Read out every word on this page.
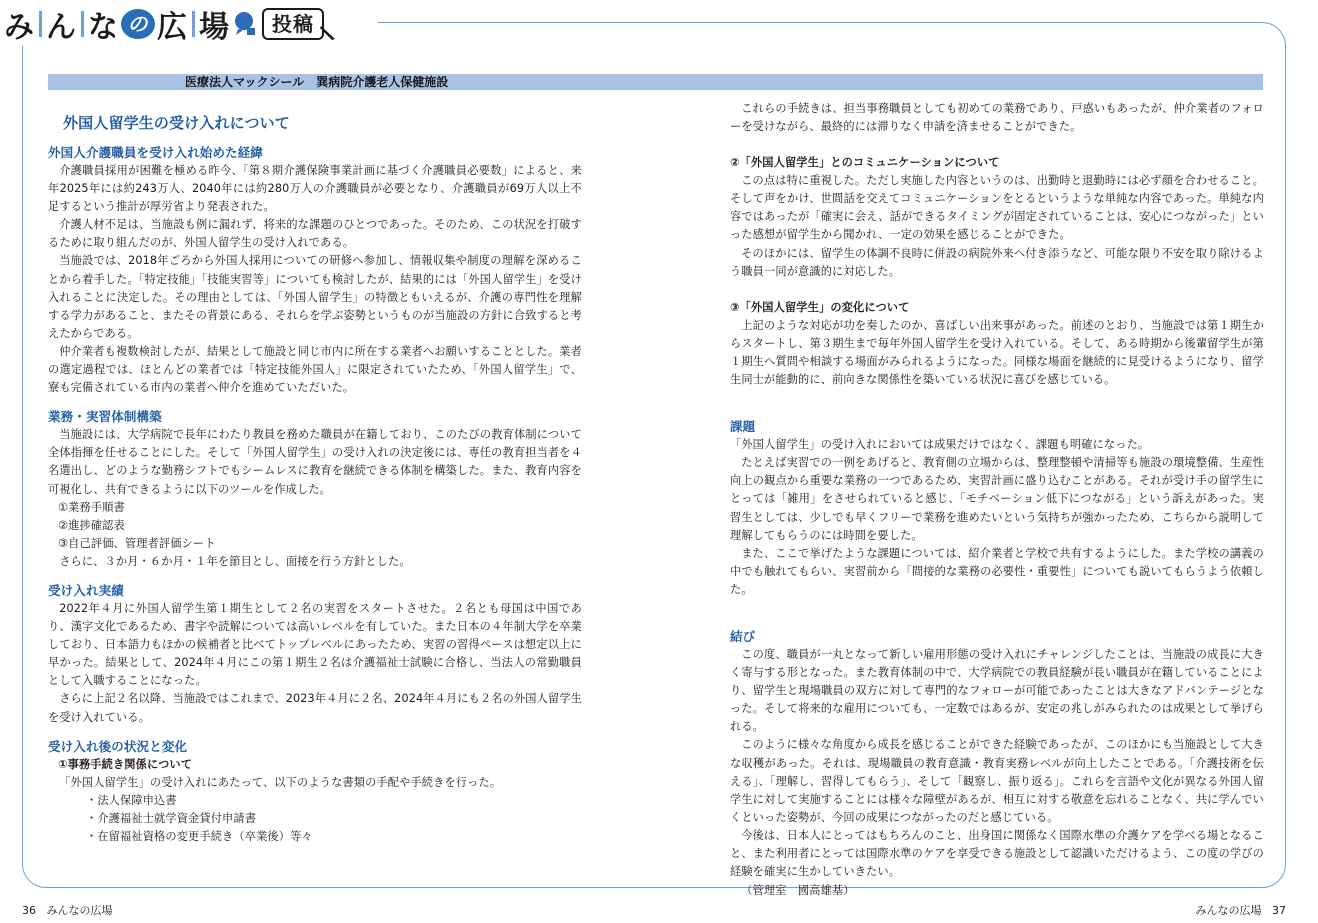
み ん な の 広 場	投稿
医療法人マックシール　巽病院介護老人保健施設

外国人留学生の受け入れについて

外国人介護職員を受け入れ始めた経緯

介護職員採用が困難を極める昨今、「第８期介護保険事業計画に基づく介護職員必要数」によると、来年2025年には約243万人、2040年には約280万人の介護職員が必要となり、介護職員が69万人以上不足するという推計が厚労省より発表された。

介護人材不足は、当施設も例に漏れず、将来的な課題のひとつであった。そのため、この状況を打破するために取り組んだのが、外国人留学生の受け入れである。

当施設では、2018年ごろから外国人採用についての研修へ参加し、情報収集や制度の理解を深めることから着手した。「特定技能」「技能実習等」についても検討したが、結果的には「外国人留学生」を受け入れることに決定した。その理由としては、「外国人留学生」の特徴ともいえるが、介護の専門性を理解する学力があること、またその背景にある、それらを学ぶ姿勢というものが当施設の方針に合致すると考えたからである。

仲介業者も複数検討したが、結果として施設と同じ市内に所在する業者へお願いすることとした。業者の選定過程では、ほとんどの業者では「特定技能外国人」に限定されていたため、「外国人留学生」で、寮も完備されている市内の業者へ仲介を進めていただいた。

業務・実習体制構築

当施設には、大学病院で長年にわたり教員を務めた職員が在籍しており、このたびの教育体制について全体指揮を任せることにした。そして「外国人留学生」の受け入れの決定後には、専任の教育担当者を４名選出し、どのような勤務シフトでもシームレスに教育を継続できる体制を構築した。また、教育内容を可視化し、共有できるように以下のツールを作成した。

①業務手順書

②進捗確認表

③自己評価、管理者評価シート

さらに、３か月・６か月・１年を節目とし、面接を行う方針とした。

受け入れ実績

2022年４月に外国人留学生第１期生として２名の実習をスタートさせた。２名とも母国は中国であり、漢字文化であるため、書字や読解については高いレベルを有していた。また日本の４年制大学を卒業しており、日本語力もほかの候補者と比べてトップレベルにあったため、実習の習得ペースは想定以上に早かった。結果として、2024年４月にこの第１期生２名は介護福祉士試験に合格し、当法人の常勤職員として入職することになった。

さらに上記２名以降、当施設ではこれまで、2023年４月に２名、2024年４月にも２名の外国人留学生を受け入れている。

受け入れ後の状況と変化
①事務手続き関係について

「外国人留学生」の受け入れにあたって、以下のような書類の手配や手続きを行った。

・法人保障申込書

・介護福祉士就学資金貸付申請書

・在留福祉資格の変更手続き（卒業後）等々

これらの手続きは、担当事務職員としても初めての業務であり、戸惑いもあったが、仲介業者のフォローを受けながら、最終的には滞りなく申請を済ませることができた。

②「外国人留学生」とのコミュニケーションについて

この点は特に重視した。ただし実施した内容というのは、出勤時と退勤時には必ず顔を合わせること。そして声をかけ、世間話を交えてコミュニケーションをとるというような単純な内容であった。単純な内容ではあったが「確実に会え、話ができるタイミングが固定されていることは、安心につながった」といった感想が留学生から聞かれ、一定の効果を感じることができた。

そのほかには、留学生の体調不良時に併設の病院外来へ付き添うなど、可能な限り不安を取り除けるよう職員一同が意識的に対応した。

③「外国人留学生」の変化について

上記のような対応が功を奏したのか、喜ばしい出来事があった。前述のとおり、当施設では第１期生からスタートし、第３期生まで毎年外国人留学生を受け入れている。そして、ある時期から後輩留学生が第１期生へ質問や相談する場面がみられるようになった。同様な場面を継続的に見受けるようになり、留学生同士が能動的に、前向きな関係性を築いている状況に喜びを感じている。

課題

「外国人留学生」の受け入れにおいては成果だけではなく、課題も明確になった。

たとえば実習での一例をあげると、教育側の立場からは、整理整頓や清掃等も施設の環境整備、生産性向上の観点から重要な業務の一つであるため、実習計画に盛り込むことがある。それが受け手の留学生にとっては「雑用」をさせられていると感じ、「モチベーション低下につながる」という訴えがあった。実習生としては、少しでも早くフリーで業務を進めたいという気持ちが強かったため、こちらから説明して理解してもらうのには時間を要した。

また、ここで挙げたような課題については、紹介業者と学校で共有するようにした。また学校の講義の中でも触れてもらい、実習前から「間接的な業務の必要性・重要性」についても説いてもらうよう依頼した。

結び

この度、職員が一丸となって新しい雇用形態の受け入れにチャレンジしたことは、当施設の成長に大きく寄与する形となった。また教育体制の中で、大学病院での教員経験が長い職員が在籍していることにより、留学生と現場職員の双方に対して専門的なフォローが可能であったことは大きなアドバンテージとなった。そして将来的な雇用についても、一定数ではあるが、安定の兆しがみられたのは成果として挙げられる。

このように様々な角度から成長を感じることができた経験であったが、このほかにも当施設として大きな収穫があった。それは、現場職員の教育意識・教育実務レベルが向上したことである。「介護技術を伝える」、「理解し、習得してもらう」、そして「観察し、振り返る」。これらを言語や文化が異なる外国人留学生に対して実施することには様々な障壁があるが、相互に対する敬意を忘れることなく、共に学んでいくといった姿勢が、今回の成果につながったのだと感じている。

今後は、日本人にとってはもちろんのこと、出身国に関係なく国際水準の介護ケアを学べる場となること、また利用者にとっては国際水準のケアを享受できる施設として認識いただけるよう、この度の学びの経験を確実に生かしていきたい。

（管理室　國高雄基）

36 みんなの広場	みんなの広場 37
